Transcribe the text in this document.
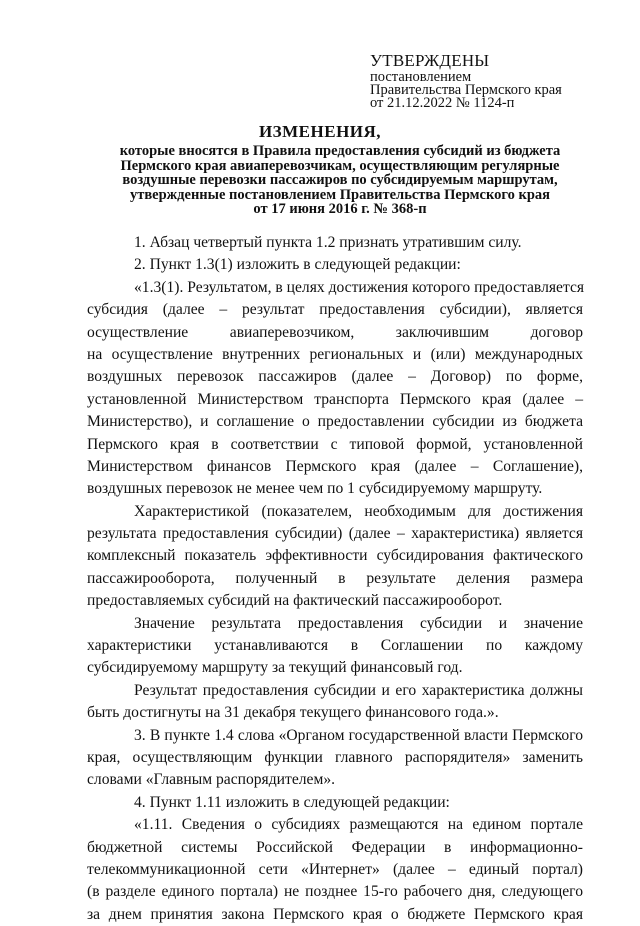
УТВЕРЖДЕНЫ
постановлением
Правительства Пермского края
от 21.12.2022 № 1124-п
ИЗМЕНЕНИЯ,
которые вносятся в Правила предоставления субсидий из бюджета
Пермского края авиаперевозчикам, осуществляющим регулярные
воздушные перевозки пассажиров по субсидируемым маршрутам,
утвержденные постановлением Правительства Пермского края
от 17 июня 2016 г. № 368-п
1. Абзац четвертый пункта 1.2 признать утратившим силу.
2. Пункт 1.3(1) изложить в следующей редакции:
«1.3(1). Результатом, в целях достижения которого предоставляется
субсидия (далее – результат предоставления субсидии), является
осуществление авиаперевозчиком, заключившим договор
на осуществление внутренних региональных и (или) международных
воздушных перевозок пассажиров (далее – Договор) по форме,
установленной Министерством транспорта Пермского края (далее –
Министерство), и соглашение о предоставлении субсидии из бюджета
Пермского края в соответствии с типовой формой, установленной
Министерством финансов Пермского края (далее – Соглашение),
воздушных перевозок не менее чем по 1 субсидируемому маршруту.
Характеристикой (показателем, необходимым для достижения
результата предоставления субсидии) (далее – характеристика) является
комплексный показатель эффективности субсидирования фактического
пассажирооборота, полученный в результате деления размера
предоставляемых субсидий на фактический пассажирооборот.
Значение результата предоставления субсидии и значение
характеристики устанавливаются в Соглашении по каждому
субсидируемому маршруту за текущий финансовый год.
Результат предоставления субсидии и его характеристика должны
быть достигнуты на 31 декабря текущего финансового года.».
3. В пункте 1.4 слова «Органом государственной власти Пермского
края, осуществляющим функции главного распорядителя» заменить
словами «Главным распорядителем».
4. Пункт 1.11 изложить в следующей редакции:
«1.11. Сведения о субсидиях размещаются на едином портале
бюджетной системы Российской Федерации в информационно-
телекоммуникационной сети «Интернет» (далее – единый портал)
(в разделе единого портала) не позднее 15-го рабочего дня, следующего
за днем принятия закона Пермского края о бюджете Пермского края
